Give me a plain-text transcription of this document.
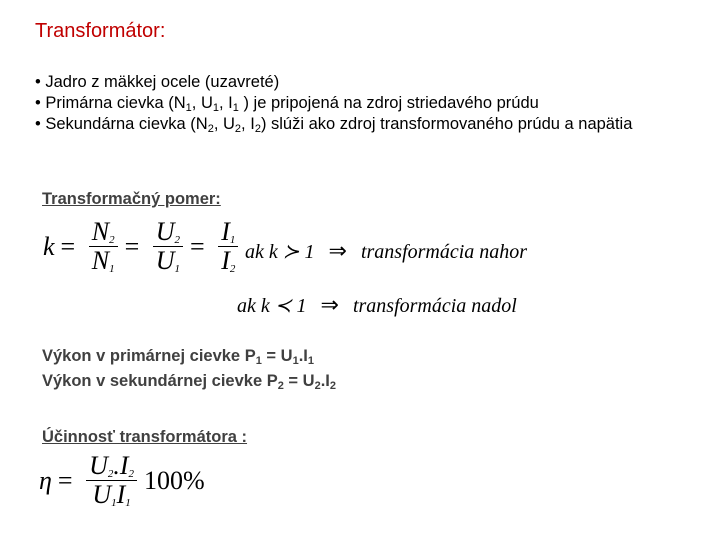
Transformátor:

• Jadro z mäkkej ocele (uzavreté)

• Primárna cievka ($N_1$, $U_1$, $I_1$ ) je pripojená na zdroj striedavého prúdu

• Sekundárna cievka ($N_2$, $U_2$, $I_2$) slúži ako zdroj transformovaného prúdu a napätia

Transformačný pomer:
$k = \frac{N_2}{N_1} = \frac{U_2}{U_1} = \frac{I_1}{I_2}$ ak k ≻ 1 ⇒ transformácia nahor
ak k ≺ 1 ⇒ transformácia nadol
Výkon v primárnej cievke $P_1 = U_1.I_1$
Výkon v sekundárnej cievke $P_2 = U_2.I_2$
Účinnosť transformátora :
$\eta = \frac{U_2.I_2}{U_1I_1} 100\%$
